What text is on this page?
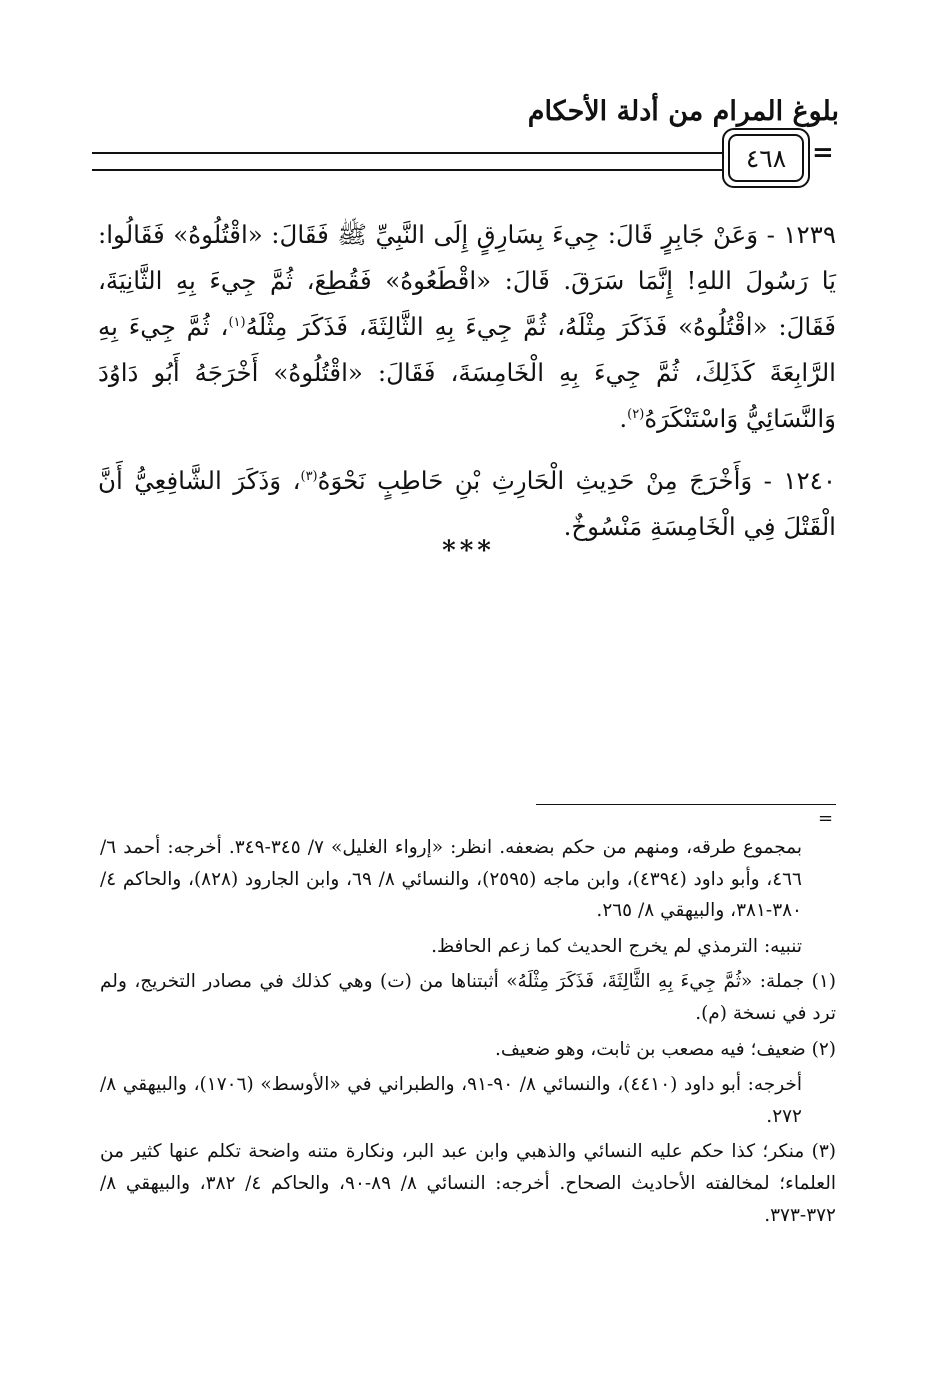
بلوغ المرام من أدلة الأحكام
٤٦٨ =

١٢٣٩ - وَعَنْ جَابِرٍ قَالَ: جِيءَ بِسَارِقٍ إِلَى النَّبِيِّ ﷺ فَقَالَ: «اقْتُلُوهُ» فَقَالُوا: يَا رَسُولَ اللهِ! إِنَّمَا سَرَقَ. قَالَ: «اقْطَعُوهُ» فَقُطِعَ، ثُمَّ جِيءَ بِهِ الثَّانِيَةَ، فَقَالَ: «اقْتُلُوهُ» فَذَكَرَ مِثْلَهُ، ثُمَّ جِيءَ بِهِ الثَّالِثَةَ، فَذَكَرَ مِثْلَهُ$^{(١)}$، ثُمَّ جِيءَ بِهِ الرَّابِعَةَ كَذَلِكَ، ثُمَّ جِيءَ بِهِ الْخَامِسَةَ، فَقَالَ: «اقْتُلُوهُ» أَخْرَجَهُ أَبُو دَاوُدَ وَالنَّسَائِيُّ وَاسْتَنْكَرَهُ$^{(٢)}$.

١٢٤٠ - وَأَخْرَجَ مِنْ حَدِيثِ الْحَارِثِ بْنِ حَاطِبٍ نَحْوَهُ$^{(٣)}$، وَذَكَرَ الشَّافِعِيُّ أَنَّ الْقَتْلَ فِي الْخَامِسَةِ مَنْسُوخٌ.

***
=

بمجموع طرقه، ومنهم من حكم بضعفه. انظر: «إرواء الغليل» ٧/ ٣٤٥-٣٤٩. أخرجه: أحمد ٦/ ٤٦٦، وأبو داود (٤٣٩٤)، وابن ماجه (٢٥٩٥)، والنسائي ٨/ ٦٩، وابن الجارود (٨٢٨)، والحاكم ٤/ ٣٨٠-٣٨١، والبيهقي ٨/ ٢٦٥.

تنبيه: الترمذي لم يخرج الحديث كما زعم الحافظ.

(١) جملة: «ثُمَّ جِيءَ بِهِ الثَّالِثَةَ، فَذَكَرَ مِثْلَهُ» أثبتناها من (ت) وهي كذلك في مصادر التخريج، ولم ترد في نسخة (م).

(٢) ضعيف؛ فيه مصعب بن ثابت، وهو ضعيف.

أخرجه: أبو داود (٤٤١٠)، والنسائي ٨/ ٩٠-٩١، والطبراني في «الأوسط» (١٧٠٦)، والبيهقي ٨/ ٢٧٢.

(٣) منكر؛ كذا حكم عليه النسائي والذهبي وابن عبد البر، ونكارة متنه واضحة تكلم عنها كثير من العلماء؛ لمخالفته الأحاديث الصحاح. أخرجه: النسائي ٨/ ٨٩-٩٠، والحاكم ٤/ ٣٨٢، والبيهقي ٨/ ٣٧٢-٣٧٣.
